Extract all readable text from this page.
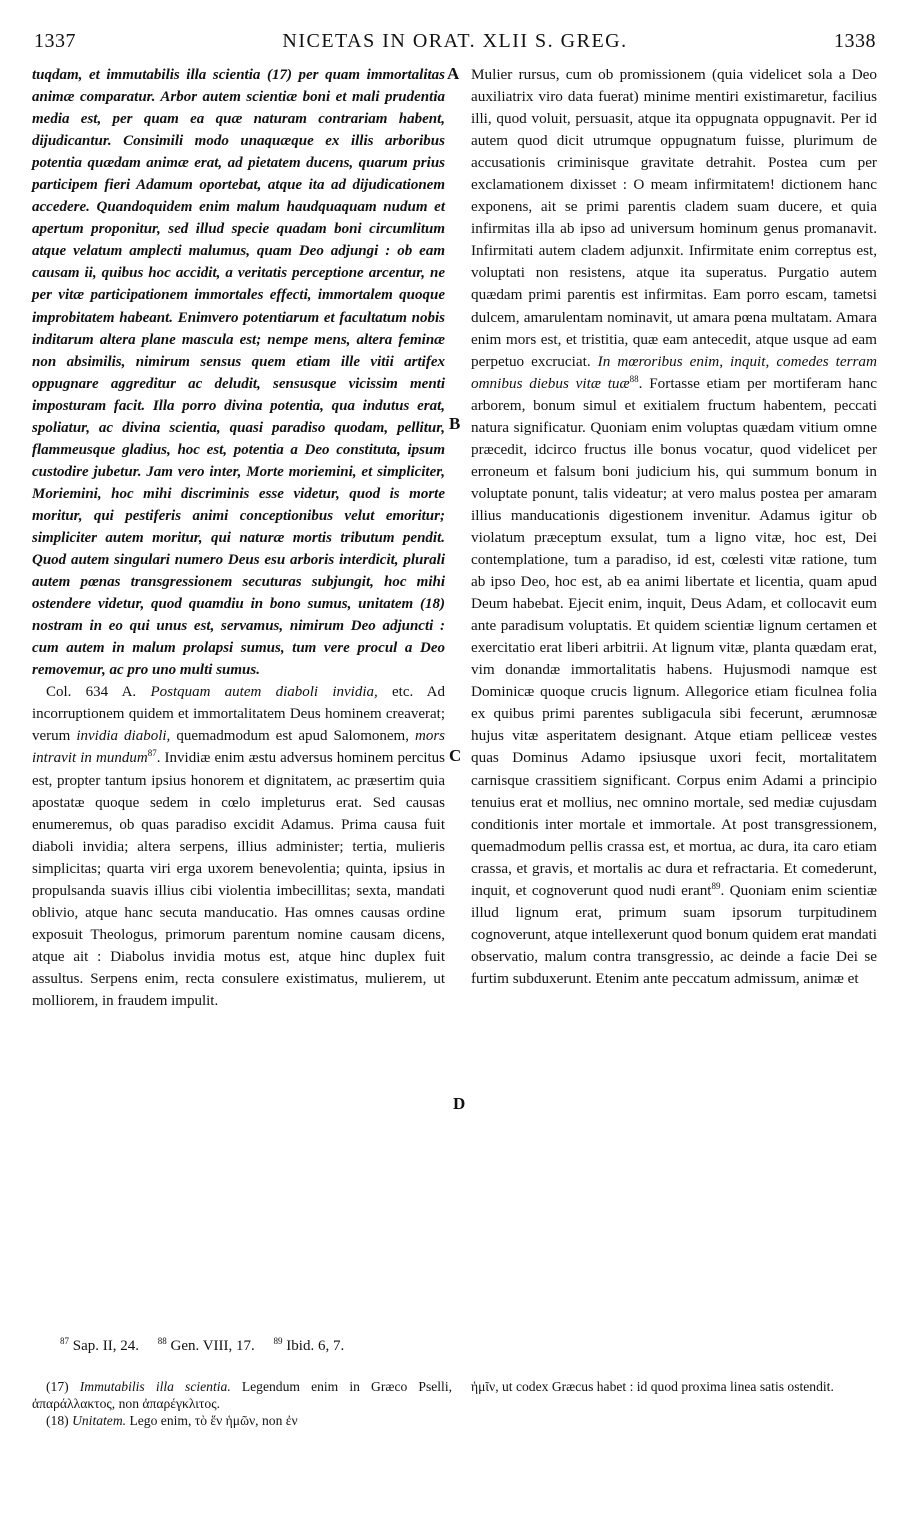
1337	NICETAS IN ORAT. XLII S. GREG.	1338
A
B
C
D

tuqdam, et immutabilis illa scientia (17) per quam immortalitas animæ comparatur. Arbor autem scientiæ boni et mali prudentia media est, per quam ea quæ naturam contrariam habent, dijudicantur. Consimili modo unaquæque ex illis arboribus potentia quædam animæ erat, ad pietatem ducens, quarum prius participem fieri Adamum oportebat, atque ita ad dijudicationem accedere. Quandoquidem enim malum haudquaquam nudum et apertum proponitur, sed illud specie quadam boni circumlitum atque velatum amplecti malumus, quam Deo adjungi : ob eam causam ii, quibus hoc accidit, a veritatis perceptione arcentur, ne per vitæ participationem immortales effecti, immortalem quoque improbitatem habeant. Enimvero potentiarum et facultatum nobis inditarum altera plane mascula est; nempe mens, altera feminæ non absimilis, nimirum sensus quem etiam ille vitii artifex oppugnare aggreditur ac deludit, sensusque vicissim menti imposturam facit. Illa porro divina potentia, qua indutus erat, spoliatur, ac divina scientia, quasi paradiso quodam, pellitur, flammeusque gladius, hoc est, potentia a Deo constituta, ipsum custodire jubetur. Jam vero inter, Morte moriemini, et simpliciter, Moriemini, hoc mihi discriminis esse videtur, quod is morte moritur, qui pestiferis animi conceptionibus velut emoritur; simpliciter autem moritur, qui naturæ mortis tributum pendit. Quod autem singulari numero Deus esu arboris interdicit, plurali autem pœnas transgressionem secuturas subjungit, hoc mihi ostendere videtur, quod quamdiu in bono sumus, unitatem (18) nostram in eo qui unus est, servamus, nimirum Deo adjuncti : cum autem in malum prolapsi sumus, tum vere procul a Deo removemur, ac pro uno multi sumus.

Col. 634 A. Postquam autem diaboli invidia, etc. Ad incorruptionem quidem et immortalitatem Deus hominem creaverat; verum invidia diaboli, quemadmodum est apud Salomonem, mors intravit in mundum$^{87}$. Invidiæ enim æstu adversus hominem percitus est, propter tantum ipsius honorem et dignitatem, ac præsertim quia apostatæ quoque sedem in cœlo impleturus erat. Sed causas enumeremus, ob quas paradiso excidit Adamus. Prima causa fuit diaboli invidia; altera serpens, illius administer; tertia, mulieris simplicitas; quarta viri erga uxorem benevolentia; quinta, ipsius in propulsanda suavis illius cibi violentia imbecillitas; sexta, mandati oblivio, atque hanc secuta manducatio. Has omnes causas ordine exposuit Theologus, primorum parentum nomine causam dicens, atque ait : Diabolus invidia motus est, atque hinc duplex fuit assultus. Serpens enim, recta consulere existimatus, mulierem, ut molliorem, in fraudem impulit.

Mulier rursus, cum ob promissionem (quia videlicet sola a Deo auxiliatrix viro data fuerat) minime mentiri existimaretur, facilius illi, quod voluit, persuasit, atque ita oppugnata oppugnavit. Per id autem quod dicit utrumque oppugnatum fuisse, plurimum de accusationis criminisque gravitate detrahit. Postea cum per exclamationem dixisset : O meam infirmitatem! dictionem hanc exponens, ait se primi parentis cladem suam ducere, et quia infirmitas illa ab ipso ad universum hominum genus promanavit. Infirmitati autem cladem adjunxit. Infirmitate enim correptus est, voluptati non resistens, atque ita superatus. Purgatio autem quædam primi parentis est infirmitas. Eam porro escam, tametsi dulcem, amarulentam nominavit, ut amara pœna multatam. Amara enim mors est, et tristitia, quæ eam antecedit, atque usque ad eam perpetuo excruciat. In mœroribus enim, inquit, comedes terram omnibus diebus vitæ tuæ$^{88}$. Fortasse etiam per mortiferam hanc arborem, bonum simul et exitialem fructum habentem, peccati natura significatur. Quoniam enim voluptas quædam vitium omne præcedit, idcirco fructus ille bonus vocatur, quod videlicet per erroneum et falsum boni judicium his, qui summum bonum in voluptate ponunt, talis videatur; at vero malus postea per amaram illius manducationis digestionem invenitur. Adamus igitur ob violatum præceptum exsulat, tum a ligno vitæ, hoc est, Dei contemplatione, tum a paradiso, id est, cœlesti vitæ ratione, tum ab ipso Deo, hoc est, ab ea animi libertate et licentia, quam apud Deum habebat. Ejecit enim, inquit, Deus Adam, et collocavit eum ante paradisum voluptatis. Et quidem scientiæ lignum certamen et exercitatio erat liberi arbitrii. At lignum vitæ, planta quædam erat, vim donandæ immortalitatis habens. Hujusmodi namque est Dominicæ quoque crucis lignum. Allegorice etiam ficulnea folia ex quibus primi parentes subligacula sibi fecerunt, ærumnosæ hujus vitæ asperitatem designant. Atque etiam pelliceæ vestes quas Dominus Adamo ipsiusque uxori fecit, mortalitatem carnisque crassitiem significant. Corpus enim Adami a principio tenuius erat et mollius, nec omnino mortale, sed mediæ cujusdam conditionis inter mortale et immortale. At post transgressionem, quemadmodum pellis crassa est, et mortua, ac dura, ita caro etiam crassa, et gravis, et mortalis ac dura et refractaria. Et comederunt, inquit, et cognoverunt quod nudi erant$^{89}$. Quoniam enim scientiæ illud lignum erat, primum suam ipsorum turpitudinem cognoverunt, atque intellexerunt quod bonum quidem erat mandati observatio, malum contra transgressio, ac deinde a facie Dei se furtim subduxerunt. Etenim ante peccatum admissum, animæ et

$^{87}$ Sap. II, 24. $^{88}$ Gen. VIII, 17. $^{89}$ Ibid. 6, 7.

(17) Immutabilis illa scientia. Legendum enim in Græco Pselli, ἀπαράλλακτος, non ἀπαρέγκλιτος.

(18) Unitatem. Lego enim, τὸ ἕν ἡμῶν, non ἐν

ἡμῖν, ut codex Græcus habet : id quod proxima linea satis ostendit.
